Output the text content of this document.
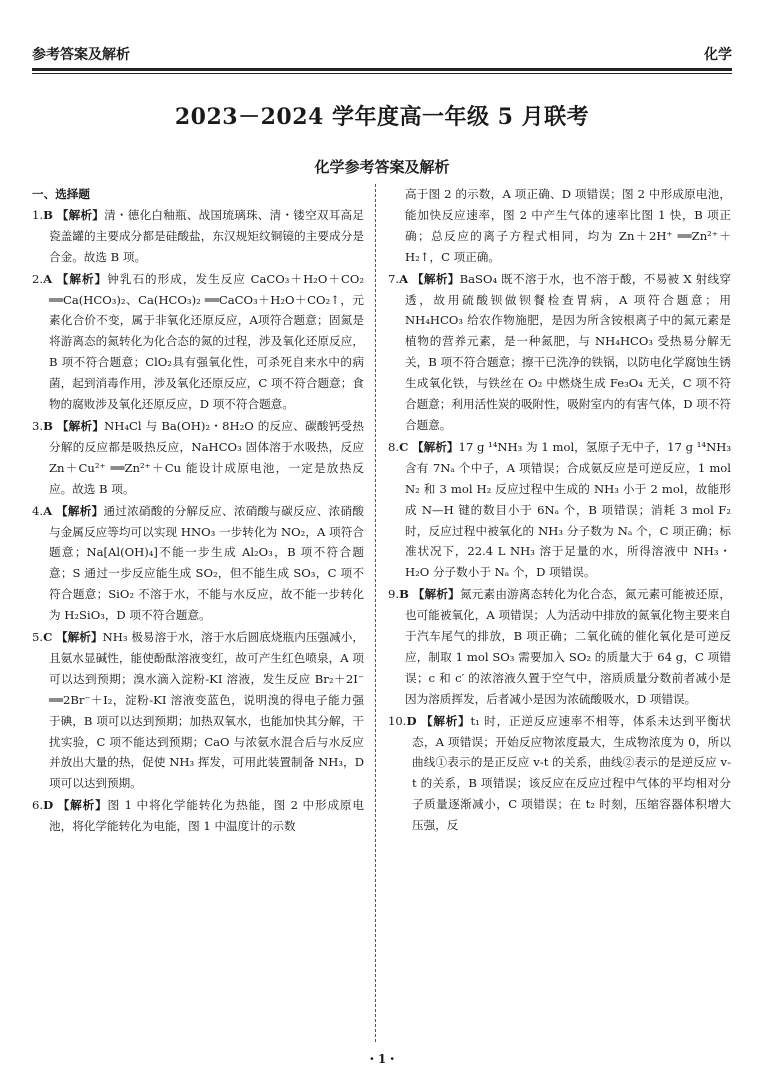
参考答案及解析	化学
2023－2024 学年度高一年级 5 月联考
化学参考答案及解析
一、选择题

1.B 【解析】清・德化白釉瓶、战国琉璃珠、清・镂空双耳高足瓷盖罐的主要成分都是硅酸盐，东汉规矩纹铜镜的主要成分是合金。故选 B 项。

2.A 【解析】钟乳石的形成，发生反应 CaCO₃＋H₂O＋CO₂ ══Ca(HCO₃)₂、Ca(HCO₃)₂ ══CaCO₃＋H₂O＋CO₂↑，元素化合价不变，属于非氧化还原反应，A项符合题意；固氮是将游离态的氮转化为化合态的氮的过程，涉及氧化还原反应，B 项不符合题意；ClO₂具有强氧化性，可杀死自来水中的病菌，起到消毒作用，涉及氧化还原反应，C 项不符合题意；食物的腐败涉及氧化还原反应，D 项不符合题意。

3.B 【解析】NH₄Cl 与 Ba(OH)₂・8H₂O 的反应、碳酸钙受热分解的反应都是吸热反应，NaHCO₃ 固体溶于水吸热，反应 Zn＋Cu²⁺ ══Zn²⁺＋Cu 能设计成原电池，一定是放热反应。故选 B 项。

4.A 【解析】通过浓硝酸的分解反应、浓硝酸与碳反应、浓硝酸与金属反应等均可以实现 HNO₃ 一步转化为 NO₂，A 项符合题意；Na[Al(OH)₄]不能一步生成 Al₂O₃，B 项不符合题意；S 通过一步反应能生成 SO₂，但不能生成 SO₃，C 项不符合题意；SiO₂ 不溶于水，不能与水反应，故不能一步转化为 H₂SiO₃，D 项不符合题意。

5.C 【解析】NH₃ 极易溶于水，溶于水后圆底烧瓶内压强减小，且氨水显碱性，能使酚酞溶液变红，故可产生红色喷泉，A 项可以达到预期；溴水滴入淀粉-KI 溶液，发生反应 Br₂＋2I⁻ ══2Br⁻＋I₂，淀粉-KI 溶液变蓝色，说明溴的得电子能力强于碘，B 项可以达到预期；加热双氧水，也能加快其分解，干扰实验，C 项不能达到预期；CaO 与浓氨水混合后与水反应并放出大量的热，促使 NH₃ 挥发，可用此装置制备 NH₃，D 项可以达到预期。

6.D 【解析】图 1 中将化学能转化为热能，图 2 中形成原电池，将化学能转化为电能，图 1 中温度计的示数

高于图 2 的示数，A 项正确、D 项错误；图 2 中形成原电池，能加快反应速率，图 2 中产生气体的速率比图 1 快，B 项正确；总反应的离子方程式相同，均为 Zn＋2H⁺ ══Zn²⁺＋H₂↑，C 项正确。

7.A 【解析】BaSO₄ 既不溶于水，也不溶于酸，不易被 X 射线穿透，故用硫酸钡做钡餐检查胃病，A 项符合题意；用 NH₄HCO₃ 给农作物施肥，是因为所含铵根离子中的氮元素是植物的营养元素，是一种氮肥，与 NH₄HCO₃ 受热易分解无关，B 项不符合题意；擦干已洗净的铁锅，以防电化学腐蚀生锈生成氧化铁，与铁丝在 O₂ 中燃烧生成 Fe₃O₄ 无关，C 项不符合题意；利用活性炭的吸附性，吸附室内的有害气体，D 项不符合题意。

8.C 【解析】17 g ¹⁴NH₃ 为 1 mol，氢原子无中子，17 g ¹⁴NH₃ 含有 7Nₐ 个中子，A 项错误；合成氨反应是可逆反应，1 mol N₂ 和 3 mol H₂ 反应过程中生成的 NH₃ 小于 2 mol，故能形成 N—H 键的数目小于 6Nₐ 个，B 项错误；消耗 3 mol F₂ 时，反应过程中被氧化的 NH₃ 分子数为 Nₐ 个，C 项正确；标准状况下，22.4 L NH₃ 溶于足量的水，所得溶液中 NH₃・H₂O 分子数小于 Nₐ 个，D 项错误。

9.B 【解析】氮元素由游离态转化为化合态，氮元素可能被还原，也可能被氧化，A 项错误；人为活动中排放的氮氧化物主要来自于汽车尾气的排放，B 项正确；二氧化硫的催化氧化是可逆反应，制取 1 mol SO₃ 需要加入 SO₂ 的质量大于 64 g，C 项错误；c 和 c′ 的浓溶液久置于空气中，溶质质量分数前者减小是因为溶质挥发，后者减小是因为浓硫酸吸水，D 项错误。

10.D 【解析】t₁ 时，正逆反应速率不相等，体系未达到平衡状态，A 项错误；开始反应物浓度最大，生成物浓度为 0，所以曲线①表示的是正反应 v-t 的关系，曲线②表示的是逆反应 v-t 的关系，B 项错误；该反应在反应过程中气体的平均相对分子质量逐渐减小，C 项错误；在 t₂ 时刻，压缩容器体积增大压强，反

・1・
